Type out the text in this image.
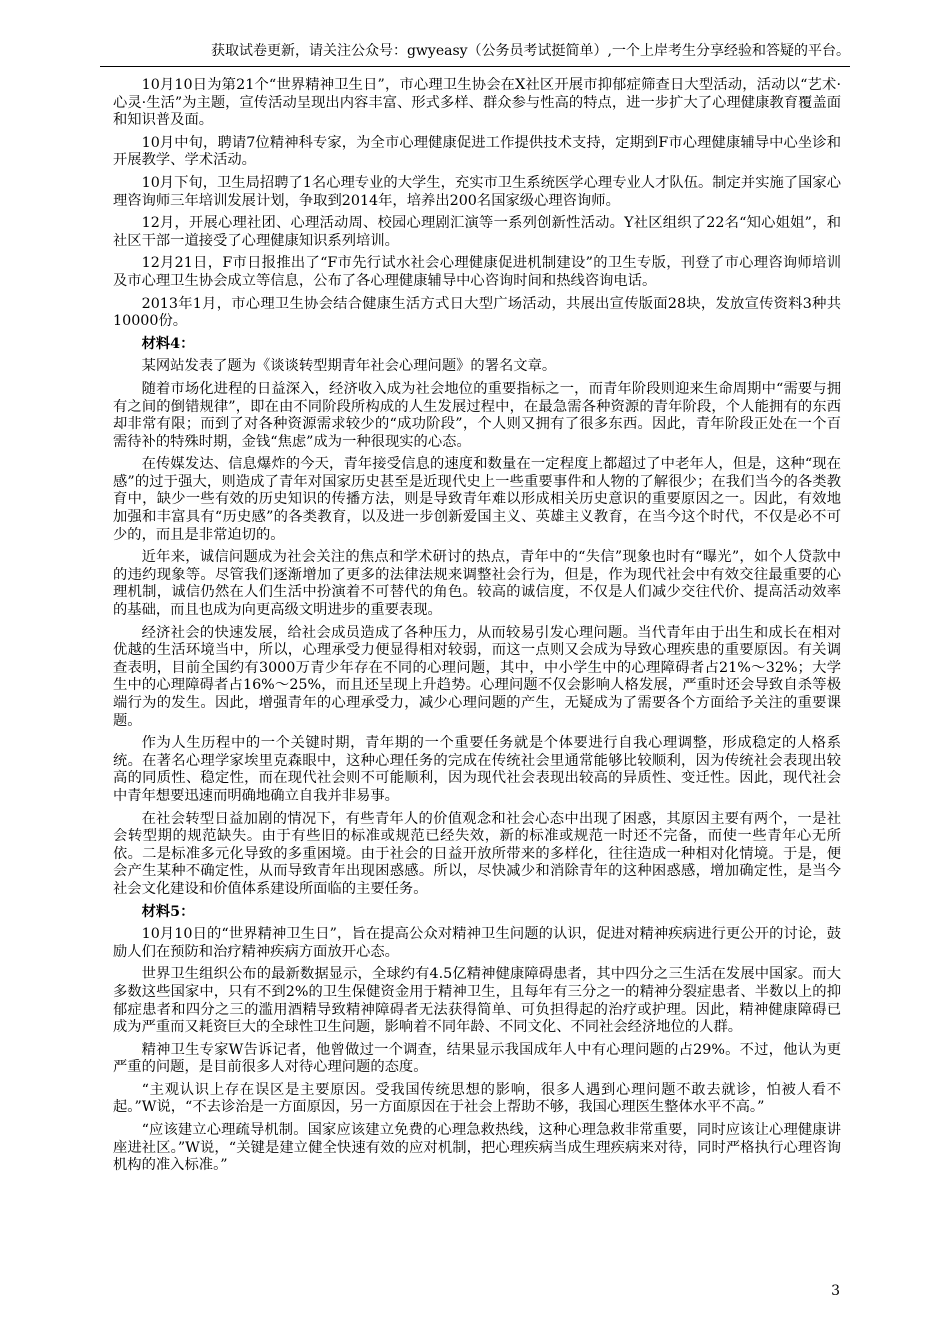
获取试卷更新，请关注公众号：gwyeasy（公务员考试挺简单）,一个上岸考生分享经验和答疑的平台。

10月10日为第21个“世界精神卫生日”，市心理卫生协会在X社区开展市抑郁症筛查日大型活动，活动以“艺术·心灵·生活”为主题，宣传活动呈现出内容丰富、形式多样、群众参与性高的特点，进一步扩大了心理健康教育覆盖面和知识普及面。

10月中旬，聘请7位精神科专家，为全市心理健康促进工作提供技术支持，定期到F市心理健康辅导中心坐诊和开展教学、学术活动。

10月下旬，卫生局招聘了1名心理专业的大学生，充实市卫生系统医学心理专业人才队伍。制定并实施了国家心理咨询师三年培训发展计划，争取到2014年，培养出200名国家级心理咨询师。

12月，开展心理社团、心理活动周、校园心理剧汇演等一系列创新性活动。Y社区组织了22名“知心姐姐”，和社区干部一道接受了心理健康知识系列培训。

12月21日，F市日报推出了“F市先行试水社会心理健康促进机制建设”的卫生专版，刊登了市心理咨询师培训及市心理卫生协会成立等信息，公布了各心理健康辅导中心咨询时间和热线咨询电话。

2013年1月，市心理卫生协会结合健康生活方式日大型广场活动，共展出宣传版面28块，发放宣传资料3种共10000份。

材料4：

某网站发表了题为《谈谈转型期青年社会心理问题》的署名文章。

随着市场化进程的日益深入，经济收入成为社会地位的重要指标之一，而青年阶段则迎来生命周期中“需要与拥有之间的倒错规律”，即在由不同阶段所构成的人生发展过程中，在最急需各种资源的青年阶段，个人能拥有的东西却非常有限；而到了对各种资源需求较少的“成功阶段”，个人则又拥有了很多东西。因此，青年阶段正处在一个百需待补的特殊时期，金钱“焦虑”成为一种很现实的心态。

在传媒发达、信息爆炸的今天，青年接受信息的速度和数量在一定程度上都超过了中老年人，但是，这种“现在感”的过于强大，则造成了青年对国家历史甚至是近现代史上一些重要事件和人物的了解很少；在我们当今的各类教育中，缺少一些有效的历史知识的传播方法，则是导致青年难以形成相关历史意识的重要原因之一。因此，有效地加强和丰富具有“历史感”的各类教育，以及进一步创新爱国主义、英雄主义教育，在当今这个时代，不仅是必不可少的，而且是非常迫切的。

近年来，诚信问题成为社会关注的焦点和学术研讨的热点，青年中的“失信”现象也时有“曝光”，如个人贷款中的违约现象等。尽管我们逐渐增加了更多的法律法规来调整社会行为，但是，作为现代社会中有效交往最重要的心理机制，诚信仍然在人们生活中扮演着不可替代的角色。较高的诚信度，不仅是人们减少交往代价、提高活动效率的基础，而且也成为向更高级文明进步的重要表现。

经济社会的快速发展，给社会成员造成了各种压力，从而较易引发心理问题。当代青年由于出生和成长在相对优越的生活环境当中，所以，心理承受力便显得相对较弱，而这一点则又会成为导致心理疾患的重要原因。有关调查表明，目前全国约有3000万青少年存在不同的心理问题，其中，中小学生中的心理障碍者占21%～32%；大学生中的心理障碍者占16%～25%，而且还呈现上升趋势。心理问题不仅会影响人格发展，严重时还会导致自杀等极端行为的发生。因此，增强青年的心理承受力，减少心理问题的产生，无疑成为了需要各个方面给予关注的重要课题。

作为人生历程中的一个关键时期，青年期的一个重要任务就是个体要进行自我心理调整，形成稳定的人格系统。在著名心理学家埃里克森眼中，这种心理任务的完成在传统社会里通常能够比较顺利，因为传统社会表现出较高的同质性、稳定性，而在现代社会则不可能顺利，因为现代社会表现出较高的异质性、变迁性。因此，现代社会中青年想要迅速而明确地确立自我并非易事。

在社会转型日益加剧的情况下，有些青年人的价值观念和社会心态中出现了困惑，其原因主要有两个，一是社会转型期的规范缺失。由于有些旧的标准或规范已经失效，新的标准或规范一时还不完备，而使一些青年心无所依。二是标准多元化导致的多重困境。由于社会的日益开放所带来的多样化，往往造成一种相对化情境。于是，便会产生某种不确定性，从而导致青年出现困惑感。所以，尽快减少和消除青年的这种困惑感，增加确定性，是当今社会文化建设和价值体系建设所面临的主要任务。

材料5：

10月10日的“世界精神卫生日”，旨在提高公众对精神卫生问题的认识，促进对精神疾病进行更公开的讨论，鼓励人们在预防和治疗精神疾病方面放开心态。

世界卫生组织公布的最新数据显示，全球约有4.5亿精神健康障碍患者，其中四分之三生活在发展中国家。而大多数这些国家中，只有不到2%的卫生保健资金用于精神卫生，且每年有三分之一的精神分裂症患者、半数以上的抑郁症患者和四分之三的滥用酒精导致精神障碍者无法获得简单、可负担得起的治疗或护理。因此，精神健康障碍已成为严重而又耗资巨大的全球性卫生问题，影响着不同年龄、不同文化、不同社会经济地位的人群。

精神卫生专家W告诉记者，他曾做过一个调查，结果显示我国成年人中有心理问题的占29%。不过，他认为更严重的问题，是目前很多人对待心理问题的态度。

“主观认识上存在误区是主要原因。受我国传统思想的影响，很多人遇到心理问题不敢去就诊，怕被人看不起。”W说，“不去诊治是一方面原因，另一方面原因在于社会上帮助不够，我国心理医生整体水平不高。”

“应该建立心理疏导机制。国家应该建立免费的心理急救热线，这种心理急救非常重要，同时应该让心理健康讲座进社区。”W说，“关键是建立健全快速有效的应对机制，把心理疾病当成生理疾病来对待，同时严格执行心理咨询机构的准入标准。”

3
